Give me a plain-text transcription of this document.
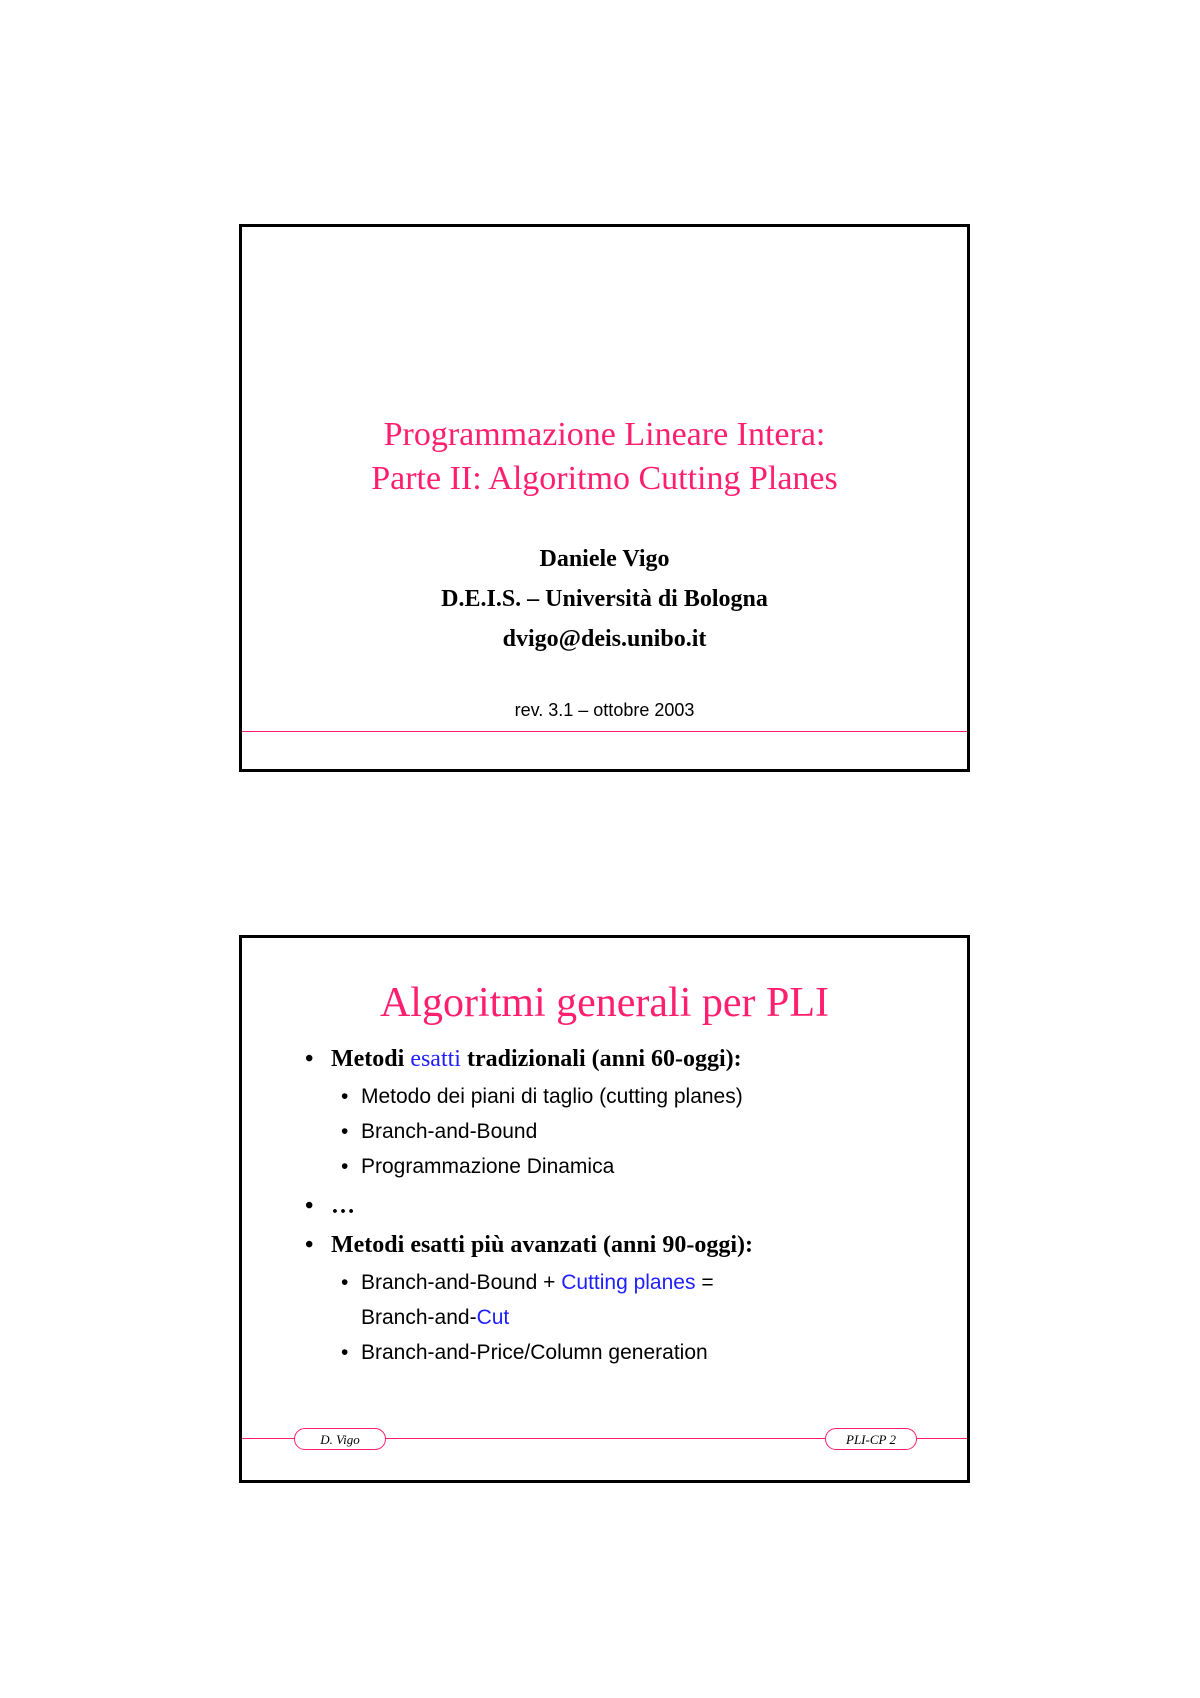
Programmazione Lineare Intera:
Parte II: Algoritmo Cutting Planes
Daniele Vigo
D.E.I.S. – Università di Bologna
dvigo@deis.unibo.it
rev. 3.1 – ottobre 2003
Algoritmi generali per PLI
• Metodi esatti tradizionali (anni 60-oggi):
• Metodo dei piani di taglio (cutting planes)
• Branch-and-Bound
• Programmazione Dinamica
• …
• Metodi esatti più avanzati (anni 90-oggi):
• Branch-and-Bound + Cutting planes =
Branch-and-Cut
• Branch-and-Price/Column generation
D. Vigo	PLI-CP 2
